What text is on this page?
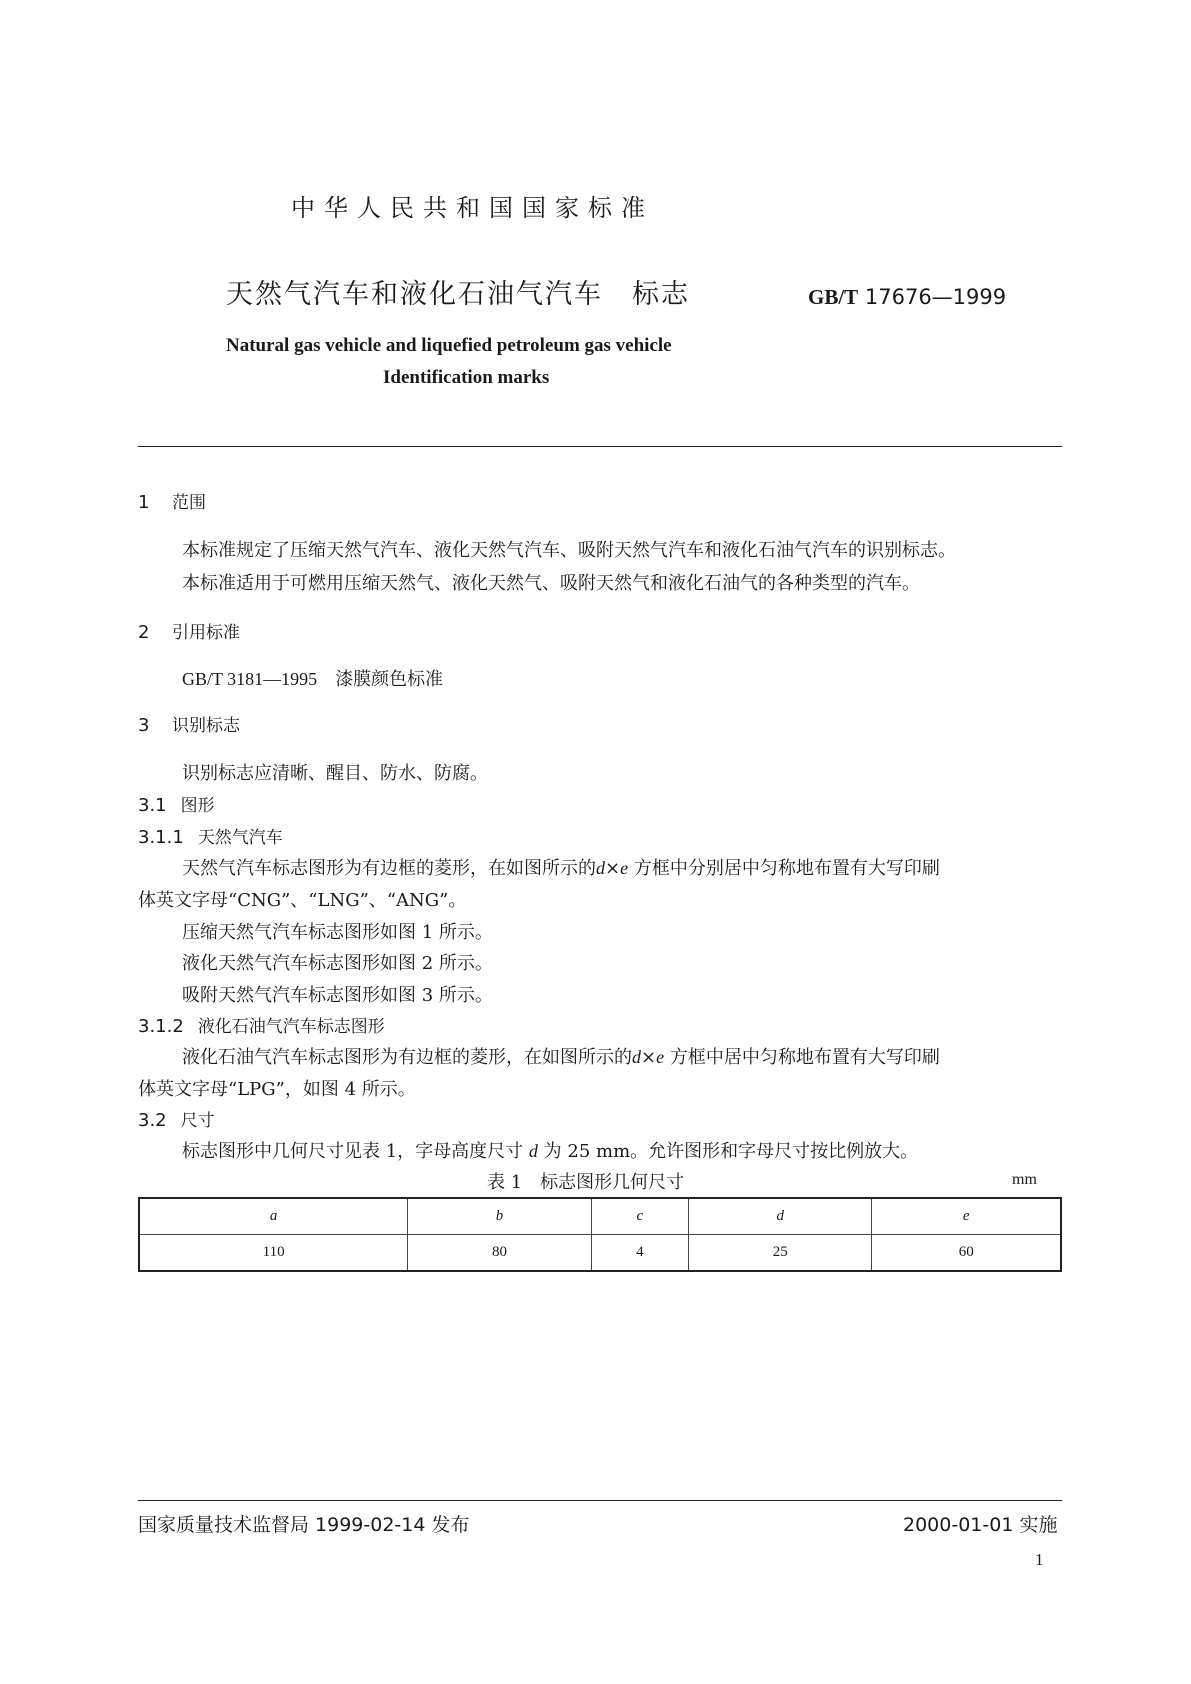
中华人民共和国国家标准
天然气汽车和液化石油气汽车　标志	GB/T 17676—1999
Natural gas vehicle and liquefied petroleum gas vehicle
Identification marks
1 范围
本标准规定了压缩天然气汽车、液化天然气汽车、吸附天然气汽车和液化石油气汽车的识别标志。
本标准适用于可燃用压缩天然气、液化天然气、吸附天然气和液化石油气的各种类型的汽车。
2 引用标准
GB/T 3181—1995　 漆膜颜色标准
3 识别标志
识别标志应清晰、醒目、防水、防腐。
3.1 图形
3.1.1 天然气汽车
天然气汽车标志图形为有边框的菱形，在如图所示的d×e 方框中分别居中匀称地布置有大写印刷
体英文字母“CNG”、“LNG”、“ANG”。
压缩天然气汽车标志图形如图 1 所示。
液化天然气汽车标志图形如图 2 所示。
吸附天然气汽车标志图形如图 3 所示。
3.1.2 液化石油气汽车标志图形
液化石油气汽车标志图形为有边框的菱形，在如图所示的d×e 方框中居中匀称地布置有大写印刷
体英文字母“LPG”，如图 4 所示。
3.2 尺寸
标志图形中几何尺寸见表 1，字母高度尺寸 d 为 25 mm。允许图形和字母尺寸按比例放大。
表 1　标志图形几何尺寸	mm
a	b	c	d	e
110	80	4	25	60
国家质量技术监督局 1999-02-14 发布	2000-01-01 实施
1
